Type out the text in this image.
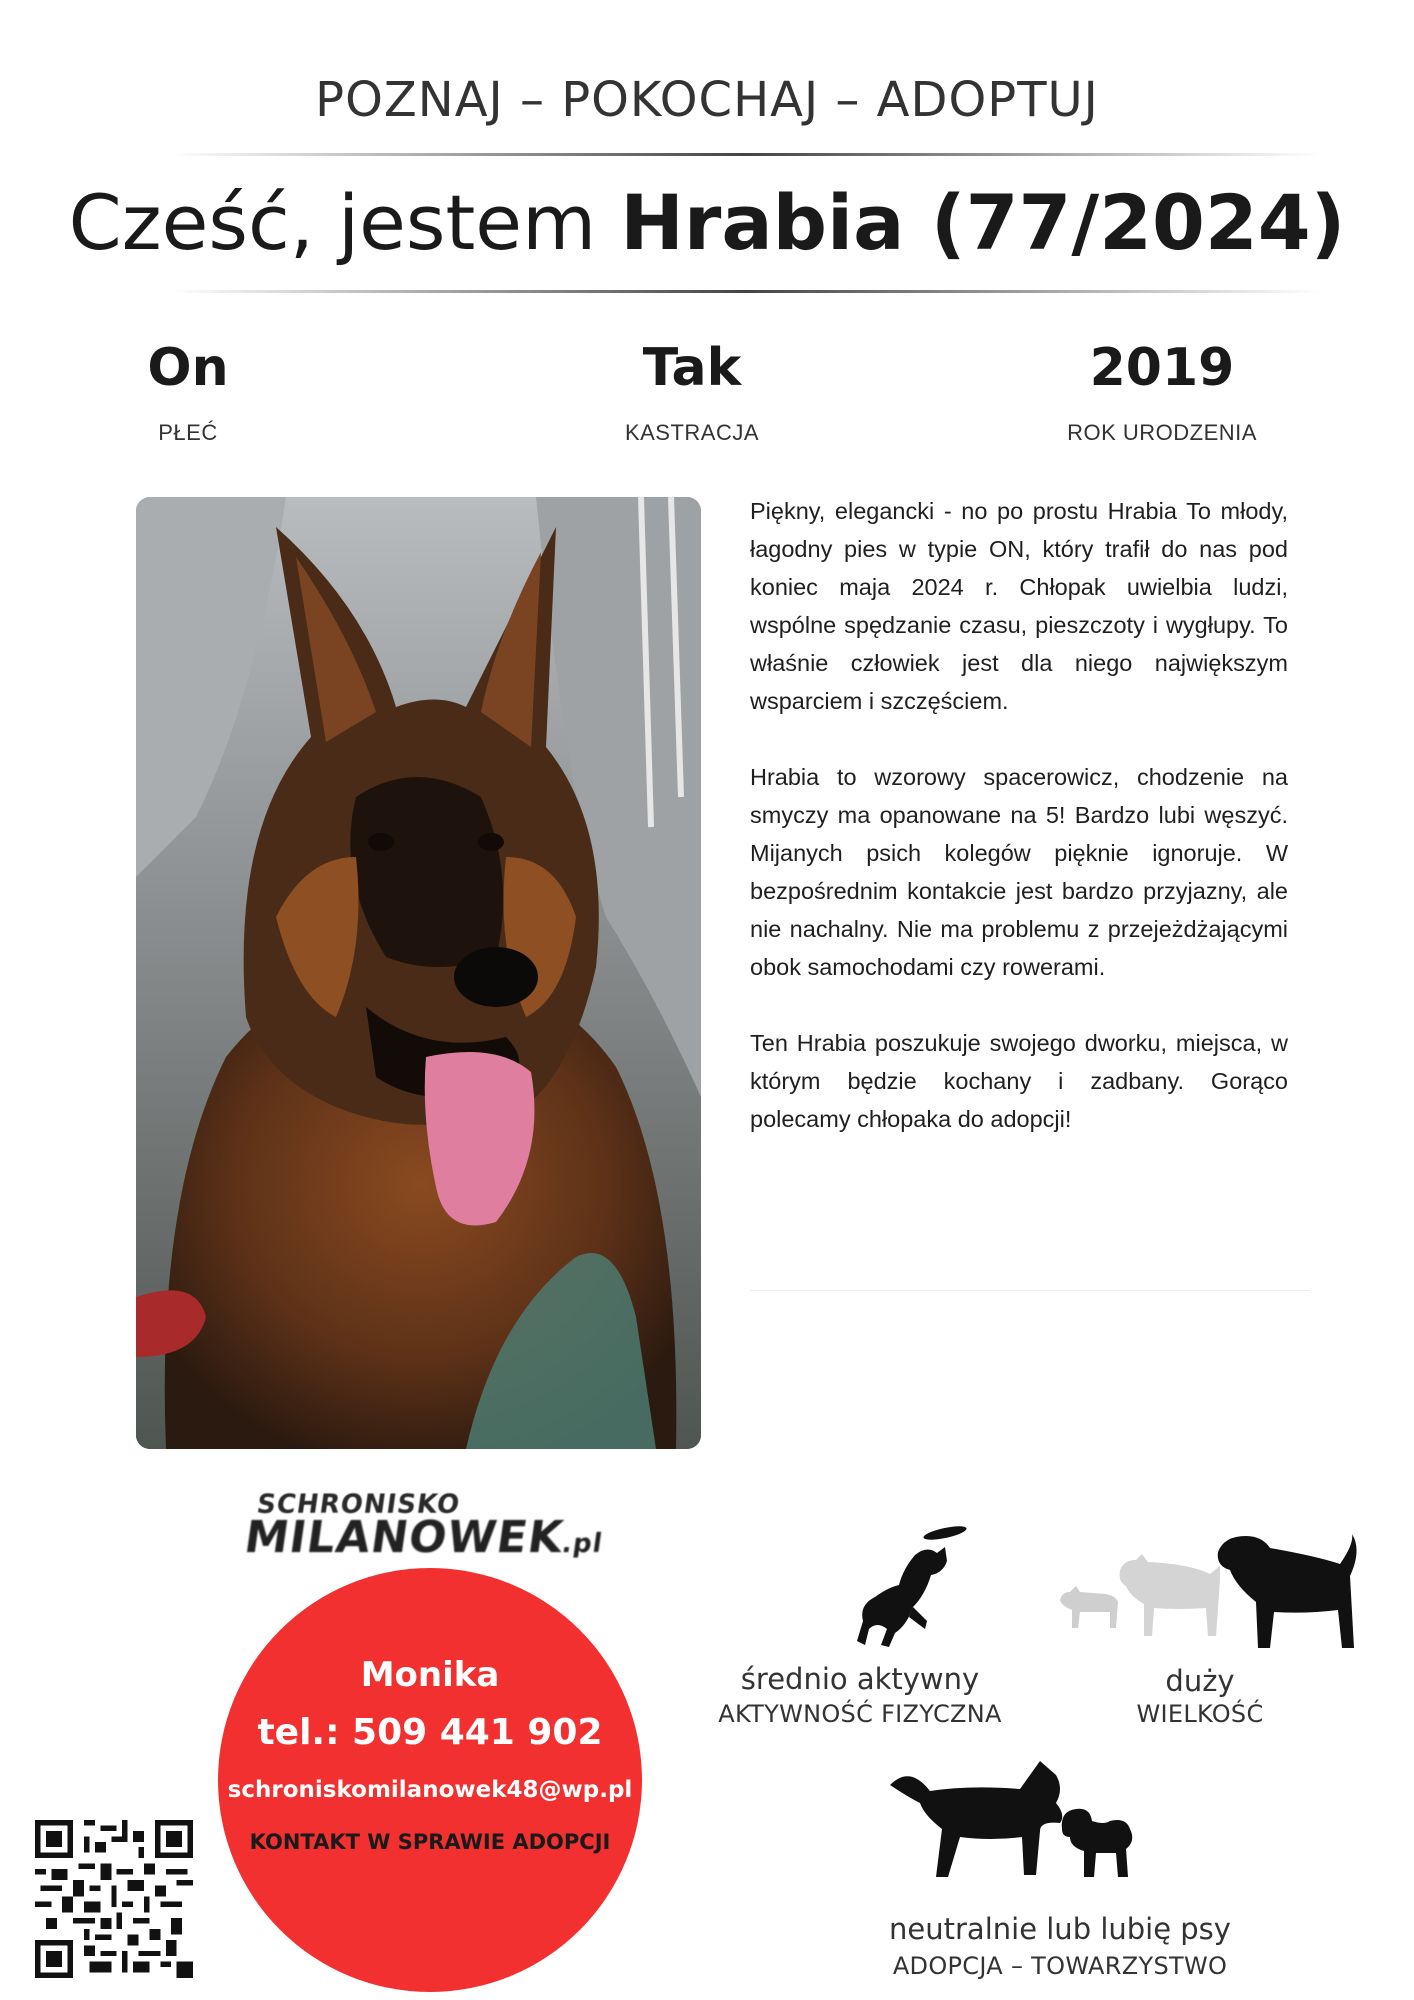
POZNAJ – POKOCHAJ – ADOPTUJ
Cześć, jestem Hrabia (77/2024)
On
PŁEĆ
Tak
KASTRACJA
2019
ROK URODZENIA

Piękny, elegancki - no po prostu Hrabia To młody, łagodny pies w typie ON, który trafił do nas pod koniec maja 2024 r. Chłopak uwielbia ludzi, wspólne spędzanie czasu, pieszczoty i wygłupy. To właśnie człowiek jest dla niego największym wsparciem i szczęściem.

Hrabia to wzorowy spacerowicz, chodzenie na smyczy ma opanowane na 5! Bardzo lubi węszyć. Mijanych psich kolegów pięknie ignoruje. W bezpośrednim kontakcie jest bardzo przyjazny, ale nie nachalny. Nie ma problemu z przejeżdżającymi obok samochodami czy rowerami.

Ten Hrabia poszukuje swojego dworku, miejsca, w którym będzie kochany i zadbany. Gorąco polecamy chłopaka do adopcji!

SCHRONISKO
MILANOWEK.pl
Monika
tel.: 509 441 902
schroniskomilanowek48@wp.pl
KONTAKT W SPRAWIE ADOPCJI
średnio aktywny
AKTYWNOŚĆ FIZYCZNA
duży
WIELKOŚĆ
neutralnie lub lubię psy
ADOPCJA – TOWARZYSTWO
